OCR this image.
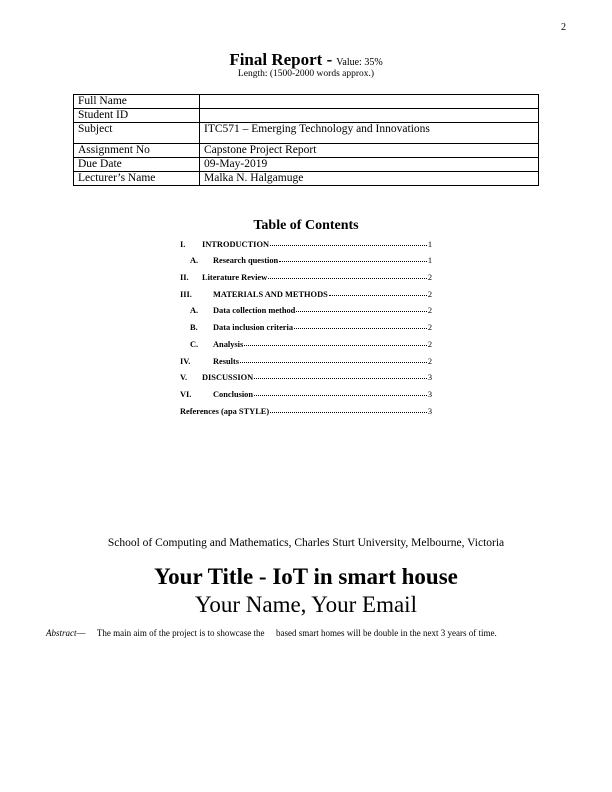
2
Final Report - Value: 35%
Length: (1500-2000 words approx.)
Full Name	
Student ID	
Subject	ITC571 – Emerging Technology and Innovations
Assignment No	Capstone Project Report
Due Date	09-May-2019
Lecturer’s Name	Malka N. Halgamuge
Table of Contents
I.	INTRODUCTION	1
A.	Research question	1
II.	Literature Review	2
III.	MATERIALS AND METHODS	2
A.	Data collection method	2
B.	Data inclusion criteria	2
C.	Analysis	2
IV.	Results	2
V.	DISCUSSION	3
VI.	Conclusion	3
References (apa STYLE)	3
School of Computing and Mathematics, Charles Sturt University, Melbourne, Victoria
Your Title - IoT in smart house
Your Name, Your Email
Abstract— The main aim of the project is to showcase the based smart homes will be double in the next 3 years of time.
